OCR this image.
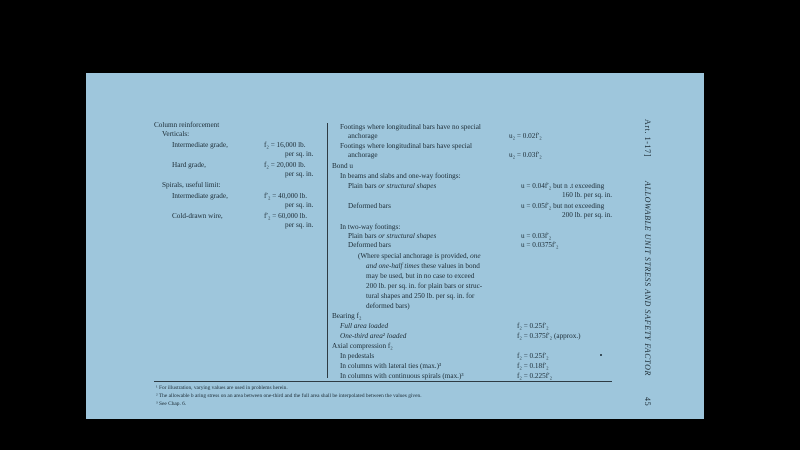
Column reinforcement
Verticals:
Intermediate grade,	f₂ = 16,000 lb.
per sq. in.
Hard grade,	f₂ = 20,000 lb.
per sq. in.
Spirals, useful limit:
Intermediate grade,	f′₂ = 40,000 lb.
per sq. in.
Cold-drawn wire,	f′₂ = 60,000 lb.
per sq. in.
Footings where longitudinal bars have no special
anchorage	u₂ = 0.02f′₂
Footings where longitudinal bars have special
anchorage	u₂ = 0.03f′₂
Bond u
In beams and slabs and one-way footings:
Plain bars or structural shapes	u = 0.04f′₂ but n .t exceeding
160 lb. per sq. in.
Deformed bars	u = 0.05f′₂ but not exceeding
200 lb. per sq. in.
In two-way footings:
Plain bars or structural shapes	u = 0.03f′₂
Deformed bars	u = 0.0375f′₂
(Where special anchorage is provided, one
and one-half times these values in bond
may be used, but in no case to exceed
200 lb. per sq. in. for plain bars or struc-
tural shapes and 250 lb. per sq. in. for
deformed bars)
Bearing f₂
Full area loaded	f₂ = 0.25f′₂
One-third area² loaded	f₂ = 0.375f′₂ (approx.)
Axial compression f₂
In pedestals	f₂ = 0.25f′₂
In columns with lateral ties (max.)³	f₂ = 0.18f′₂
In columns with continuous spirals (max.)³	f₂ = 0.225f′₂
¹ For illustration, varying values are used in problems herein.
² The allowable b aring stress on an area between one-third and the full area shall be interpolated between the values given.
³ See Chap. 6.
Art. 1-17]
ALLOWABLE UNIT STRESS AND SAFETY FACTOR
45
